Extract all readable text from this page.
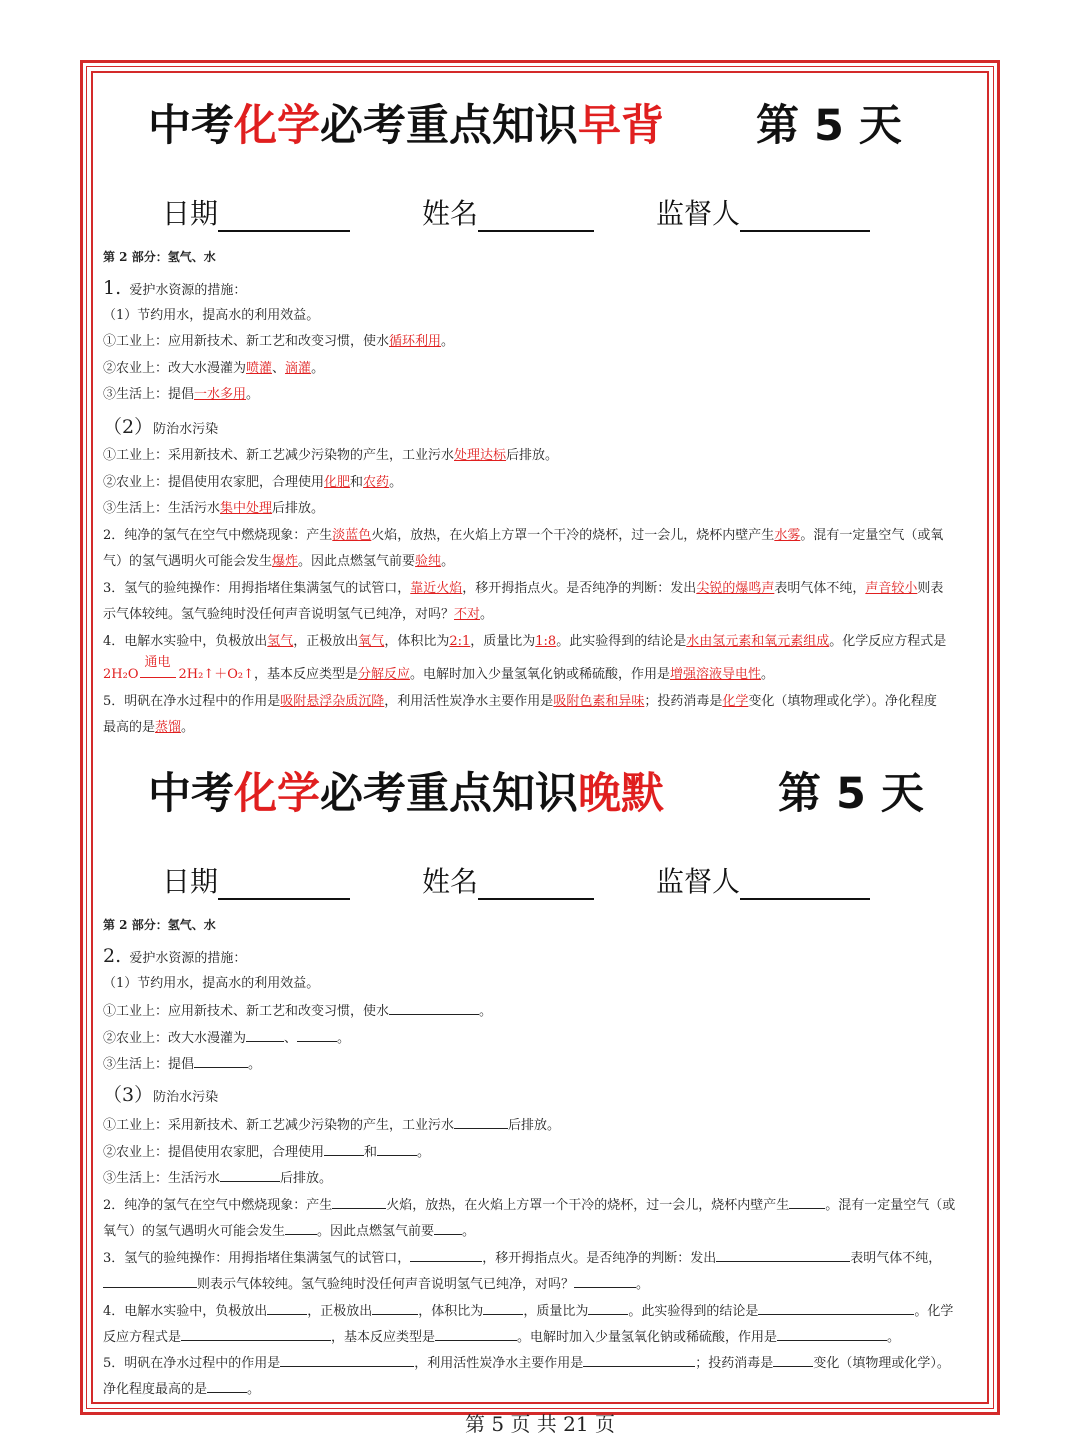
中考化学必考重点知识早背 第 5 天
日期	姓名	监督人
第 2 部分：氢气、水
1. 爱护水资源的措施：
（1）节约用水，提高水的利用效益。
①工业上：应用新技术、新工艺和改变习惯，使水循环利用。
②农业上：改大水漫灌为喷灌、滴灌。
③生活上：提倡一水多用。
（2）防治水污染
①工业上：采用新技术、新工艺减少污染物的产生，工业污水处理达标后排放。
②农业上：提倡使用农家肥，合理使用化肥和农药。
③生活上：生活污水集中处理后排放。
2．纯净的氢气在空气中燃烧现象：产生淡蓝色火焰，放热，在火焰上方罩一个干冷的烧杯，过一会儿，烧杯内壁产生水雾。混有一定量空气（或氧
气）的氢气遇明火可能会发生爆炸。因此点燃氢气前要验纯。
3．氢气的验纯操作：用拇指堵住集满氢气的试管口，靠近火焰，移开拇指点火。是否纯净的判断：发出尖锐的爆鸣声表明气体不纯，声音较小则表
示气体较纯。氢气验纯时没任何声音说明氢气已纯净，对吗？不对。
4．电解水实验中，负极放出氢气，正极放出氧气，体积比为2:1，质量比为1:8。此实验得到的结论是水由氢元素和氧元素组成。化学反应方程式是
2H₂O
通电
2H₂↑＋O₂↑，基本反应类型是分解反应。电解时加入少量氢氧化钠或稀硫酸，作用是增强溶液导电性。
5．明矾在净水过程中的作用是吸附悬浮杂质沉降，利用活性炭净水主要作用是吸附色素和异味；投药消毒是化学变化（填物理或化学）。净化程度
最高的是蒸馏。
中考化学必考重点知识晚默	第 5 天
日期	姓名	监督人
第 2 部分：氢气、水
2. 爱护水资源的措施：
（1）节约用水，提高水的利用效益。
①工业上：应用新技术、新工艺和改变习惯，使水	。
②农业上：改大水漫灌为	、	。
③生活上：提倡	。
（3）防治水污染
①工业上：采用新技术、新工艺减少污染物的产生，工业污水	后排放。
②农业上：提倡使用农家肥，合理使用	和	。
③生活上：生活污水	后排放。
2．纯净的氢气在空气中燃烧现象：产生	火焰，放热，在火焰上方罩一个干冷的烧杯，过一会儿，烧杯内壁产生	。混有一定量空气（或
氧气）的氢气遇明火可能会发生 。因此点燃氢气前要 。
3．氢气的验纯操作：用拇指堵住集满氢气的试管口，	，移开拇指点火。是否纯净的判断：发出	表明气体不纯，
则表示气体较纯。氢气验纯时没任何声音说明氢气已纯净，对吗？	。
4．电解水实验中，负极放出	，正极放出	，体积比为	，质量比为	。此实验得到的结论是	。化学
反应方程式是	，基本反应类型是	。电解时加入少量氢氧化钠或稀硫酸，作用是	。
5．明矾在净水过程中的作用是	，利用活性炭净水主要作用是	；投药消毒是	变化（填物理或化学）。
净化程度最高的是	。
第 5 页 共 21 页
